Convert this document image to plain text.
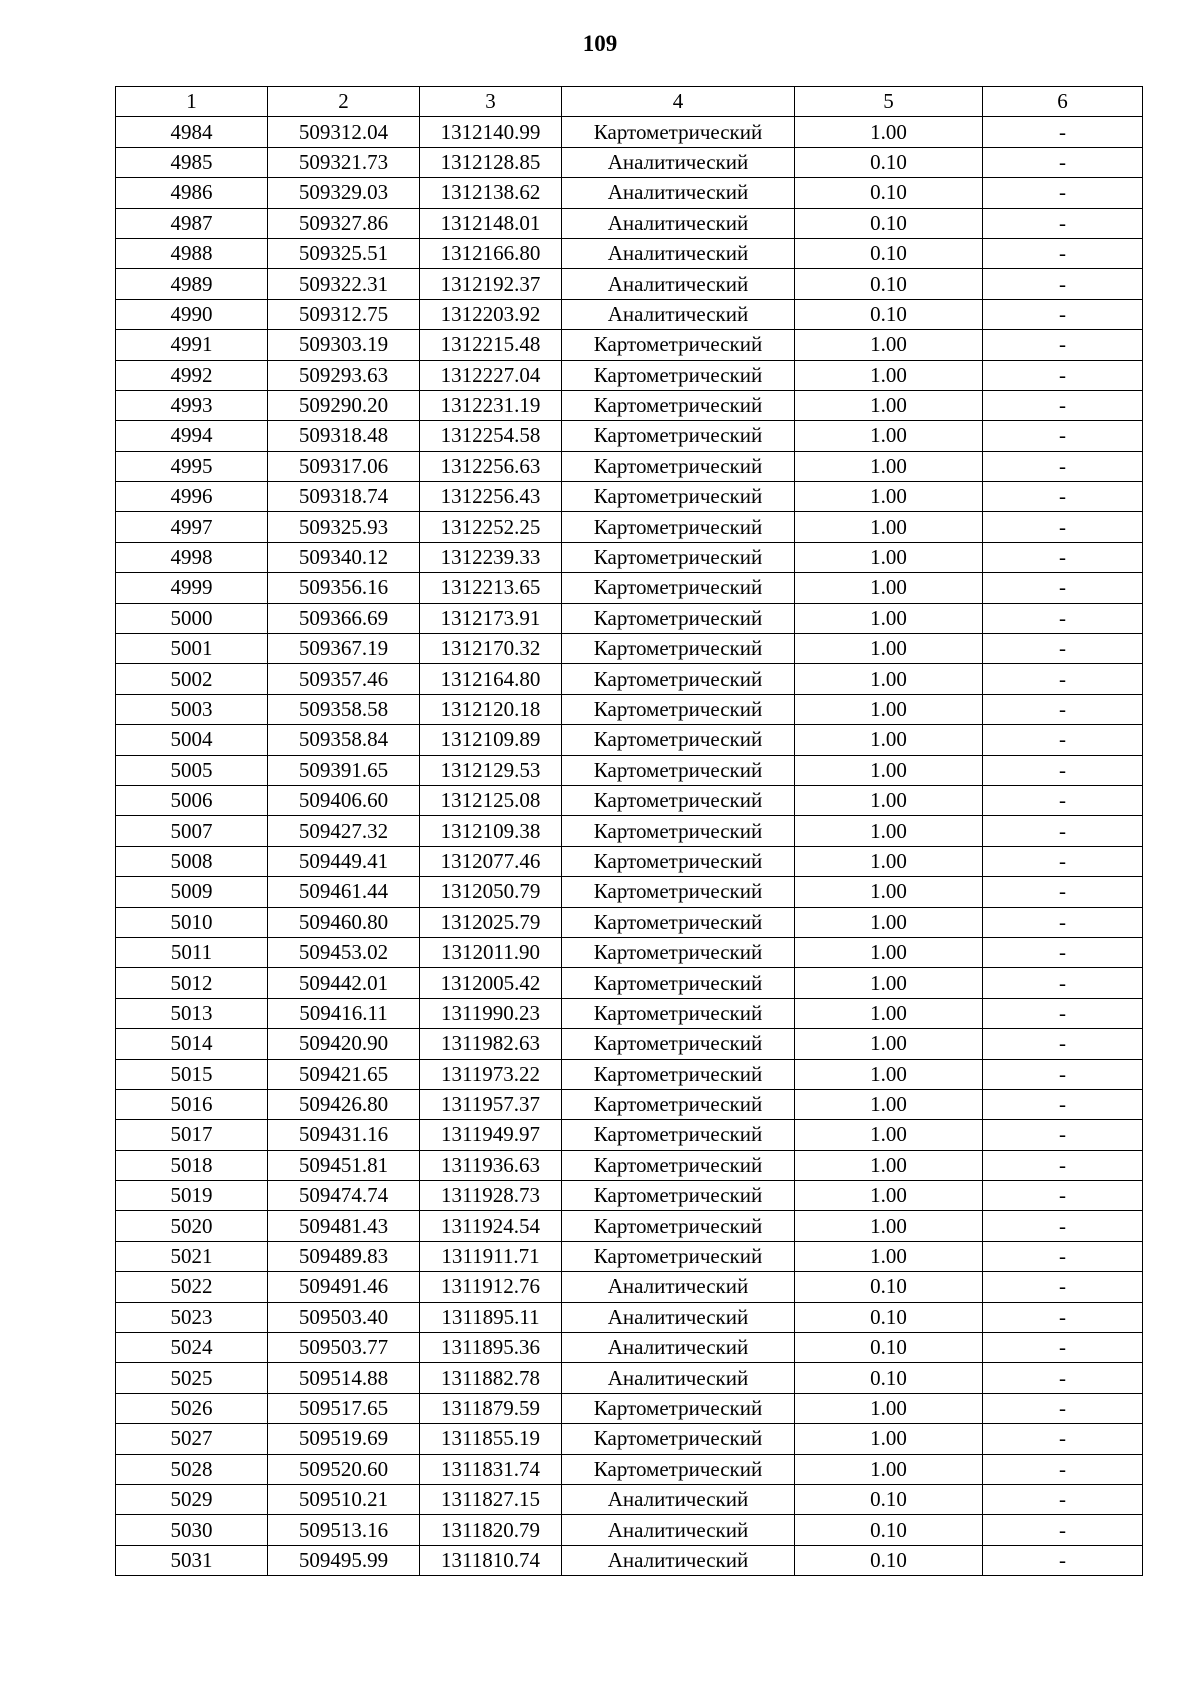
109
1	2	3	4	5	6
4984	509312.04	1312140.99	Картометрический	1.00	-
4985	509321.73	1312128.85	Аналитический	0.10	-
4986	509329.03	1312138.62	Аналитический	0.10	-
4987	509327.86	1312148.01	Аналитический	0.10	-
4988	509325.51	1312166.80	Аналитический	0.10	-
4989	509322.31	1312192.37	Аналитический	0.10	-
4990	509312.75	1312203.92	Аналитический	0.10	-
4991	509303.19	1312215.48	Картометрический	1.00	-
4992	509293.63	1312227.04	Картометрический	1.00	-
4993	509290.20	1312231.19	Картометрический	1.00	-
4994	509318.48	1312254.58	Картометрический	1.00	-
4995	509317.06	1312256.63	Картометрический	1.00	-
4996	509318.74	1312256.43	Картометрический	1.00	-
4997	509325.93	1312252.25	Картометрический	1.00	-
4998	509340.12	1312239.33	Картометрический	1.00	-
4999	509356.16	1312213.65	Картометрический	1.00	-
5000	509366.69	1312173.91	Картометрический	1.00	-
5001	509367.19	1312170.32	Картометрический	1.00	-
5002	509357.46	1312164.80	Картометрический	1.00	-
5003	509358.58	1312120.18	Картометрический	1.00	-
5004	509358.84	1312109.89	Картометрический	1.00	-
5005	509391.65	1312129.53	Картометрический	1.00	-
5006	509406.60	1312125.08	Картометрический	1.00	-
5007	509427.32	1312109.38	Картометрический	1.00	-
5008	509449.41	1312077.46	Картометрический	1.00	-
5009	509461.44	1312050.79	Картометрический	1.00	-
5010	509460.80	1312025.79	Картометрический	1.00	-
5011	509453.02	1312011.90	Картометрический	1.00	-
5012	509442.01	1312005.42	Картометрический	1.00	-
5013	509416.11	1311990.23	Картометрический	1.00	-
5014	509420.90	1311982.63	Картометрический	1.00	-
5015	509421.65	1311973.22	Картометрический	1.00	-
5016	509426.80	1311957.37	Картометрический	1.00	-
5017	509431.16	1311949.97	Картометрический	1.00	-
5018	509451.81	1311936.63	Картометрический	1.00	-
5019	509474.74	1311928.73	Картометрический	1.00	-
5020	509481.43	1311924.54	Картометрический	1.00	-
5021	509489.83	1311911.71	Картометрический	1.00	-
5022	509491.46	1311912.76	Аналитический	0.10	-
5023	509503.40	1311895.11	Аналитический	0.10	-
5024	509503.77	1311895.36	Аналитический	0.10	-
5025	509514.88	1311882.78	Аналитический	0.10	-
5026	509517.65	1311879.59	Картометрический	1.00	-
5027	509519.69	1311855.19	Картометрический	1.00	-
5028	509520.60	1311831.74	Картометрический	1.00	-
5029	509510.21	1311827.15	Аналитический	0.10	-
5030	509513.16	1311820.79	Аналитический	0.10	-
5031	509495.99	1311810.74	Аналитический	0.10	-
